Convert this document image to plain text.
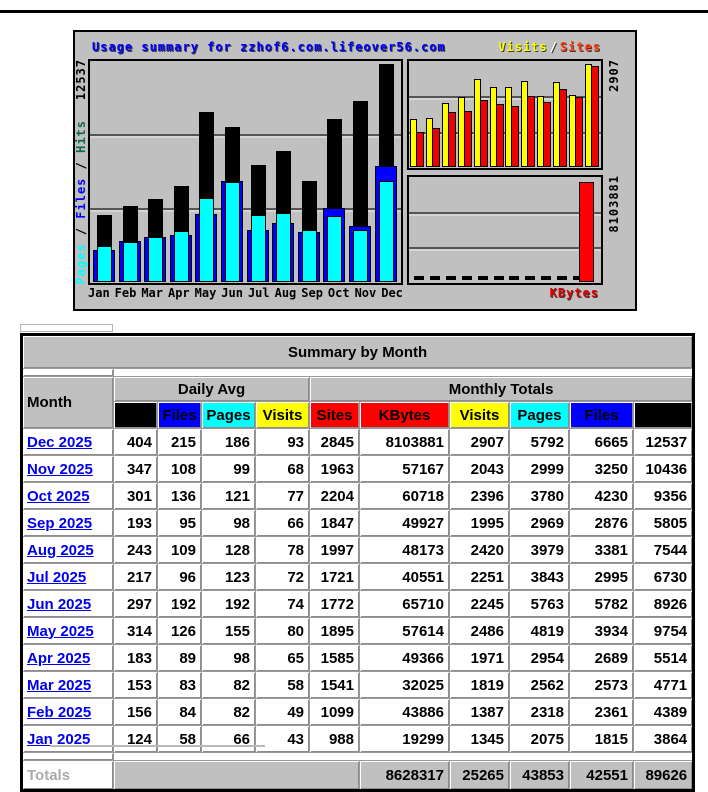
Usage summary for zzhof6.com.lifeover56.com	Visits / Sites
12537
Pages / Files / Hits
2907
8103881
Jan Feb Mar Apr May Jun Jul Aug Sep Oct Nov Dec	KBytes
Summary by Month										

Month	Daily Avg				Monthly Totals					
	Hits	Files	Pages	Visits	Sites	KBytes	Visits	Pages	Files	Hits
Dec 2025	404	215	186	93	2845	8103881	2907	5792	6665	12537
Nov 2025	347	108	99	68	1963	57167	2043	2999	3250	10436
Oct 2025	301	136	121	77	2204	60718	2396	3780	4230	9356
Sep 2025	193	95	98	66	1847	49927	1995	2969	2876	5805
Aug 2025	243	109	128	78	1997	48173	2420	3979	3381	7544
Jul 2025	217	96	123	72	1721	40551	2251	3843	2995	6730
Jun 2025	297	192	192	74	1772	65710	2245	5763	5782	8926
May 2025	314	126	155	80	1895	57614	2486	4819	3934	9754
Apr 2025	183	89	98	65	1585	49366	1971	2954	2689	5514
Mar 2025	153	83	82	58	1541	32025	1819	2562	2573	4771
Feb 2025	156	84	82	49	1099	43886	1387	2318	2361	4389
Jan 2025	124	58	66	43	988	19299	1345	2075	1815	3864

Totals						8628317	25265	43853	42551	89626
